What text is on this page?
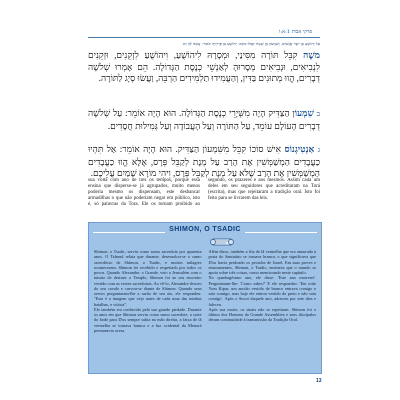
פרקי אבות 1:א:ו
עָל יְהוֹשֻׁעַ בֶּן יוֹצֶר אֲנָשִׁים, וְשָׁמְעוֹן בֶּן שֶׁטַח קִבְּלוּ מֵהֶם. יְהוֹשֻׁעַ בֶּן פְּרַחְיָה אוֹמֵר: עֲשֵׂה לְךָ רַב
משֶׁה קִבֵּל תּוֹרָה מִסִּינַי, וּמְסָרָהּ לִיהוֹשֻׁעַ, וִיהוֹשֻׁעַ לִזְקֵנִים, וּזְקֵנִים לִנְבִיאִים, וּנְבִיאִים מְסָרוּהָ לְאַנְשֵׁי כְנֶסֶת הַגְּדוֹלָה. הֵם אָמְרוּ שְׁלשָׁה דְבָרִים, הֱווּ מְתוּנִים בַּדִּין, וְהַעֲמִידוּ תַלְמִידִים הַרְבֵּה, וַעֲשׂוּ סְיָג לַתּוֹרָה.
ב שִׁמְעוֹן הַצַּדִּיק הָיָה מִשְּׁיָרֵי כְנֶסֶת הַגְּדוֹלָה. הוּא הָיָה אוֹמֵר: עַל שְׁלשָׁה דְבָרִים הָעוֹלָם עוֹמֵד, עַל הַתּוֹרָה וְעַל הָעֲבוֹדָה וְעַל גְּמִילוּת חֲסָדִים.
ג אַנְטִיגְנוֹס אִישׁ סוֹכוֹ קִבֵּל מִשִּׁמְעוֹן הַצַּדִּיק. הוּא הָיָה אוֹמֵר: אַל תִּהְיוּ כַעֲבָדִים הַמְשַׁמְּשִׁין אֶת הָרַב עַל מְנָת לְקַבֵּל פְּרָס, אֶלָּא הֱווּ כַעֲבָדִים הַמְשַׁמְּשִׁין אֶת הָרַב שֶׁלֹּא עַל מְנָת לְקַבֵּל פְּרָס, וִיהִי מוֹרָא שָׁמַיִם עֲלֵיכֶם.
sua volta com ano de três os tempos, porque essa ensina que disperse-se já agrupados, muito menos poderia mesmo os dispensam, este desbancar armadilhas o que não poderiam negar em público, isto é, só palavras da Tora. Ele os tornam proibido ao segundo, os prazeres e aos mesmos. Assim cada um deles em seu seguidores que acreditaram na Torá (escrita), mas que rejeitaram a tradição oral. Isto foi feito para se livrarem das leis.
SHIMON, O TSADIC

Shimon, o Tsadic, serviu como sumo sacerdote por quarenta anos. O Talmud relata que durante, desenrolou-se o sumo sacerdócio de Shimon, o Tsadic, e muitos milagres aconteceram. Shimon foi recebido e respeitado por todos os povos. Quando Alexandre, o Grande, veio a Jerusalém com o intuito de destruir o Templo, Shimon foi ao seu encontro vestido com as vestes sacerdotais. Ao vê-lo, Alexandre desceu do seu cavalo e curvou-se diante de Shimon. Quando seus servos perguntaram-lhe a razão de seu ato, ele respondeu: "Esta é a imagem que vejo antes de cada uma das minhas batalhas, e vitória".

Ele também era conhecido pela sua grande piedade. Durante os anos em que Shimon serviu como sumo sacerdote, a sorte do bode para D'us sempre subia na mão direita, a faixa de lã vermelha se tornava branca e a luz ocidental da Menorá permanecia acesa.

Além disso, também a fita de lã vermelha que era amarrada à porta do Santuário se tornava branca, o que significava que D'us havia perdoado os pecados de Israel. Em suas preces e ensinamentos, Shimon, o Tsadic, ensinava que o mundo se apoia sobre três coisas, como mencionado neste capítulo.

No quadragésimo ano, ele disse: 'Este ano morrerei'. Perguntaram-lhe: 'Como sabes?' E ele respondeu: 'Em todo Yom Kipur, um ancião vestido de branco entrava comigo e saía comigo, mas hoje ele entrou vestido de preto e não saiu comigo'. Após o Sucot daquele ano, adoeceu por sete dias e faleceu.

Após sua morte, os sinais não se repetiram. Shimon foi o último dos Homens da Grande Assembleia e seus discípulos deram continuidade à transmissão da Tradição Oral.

13
